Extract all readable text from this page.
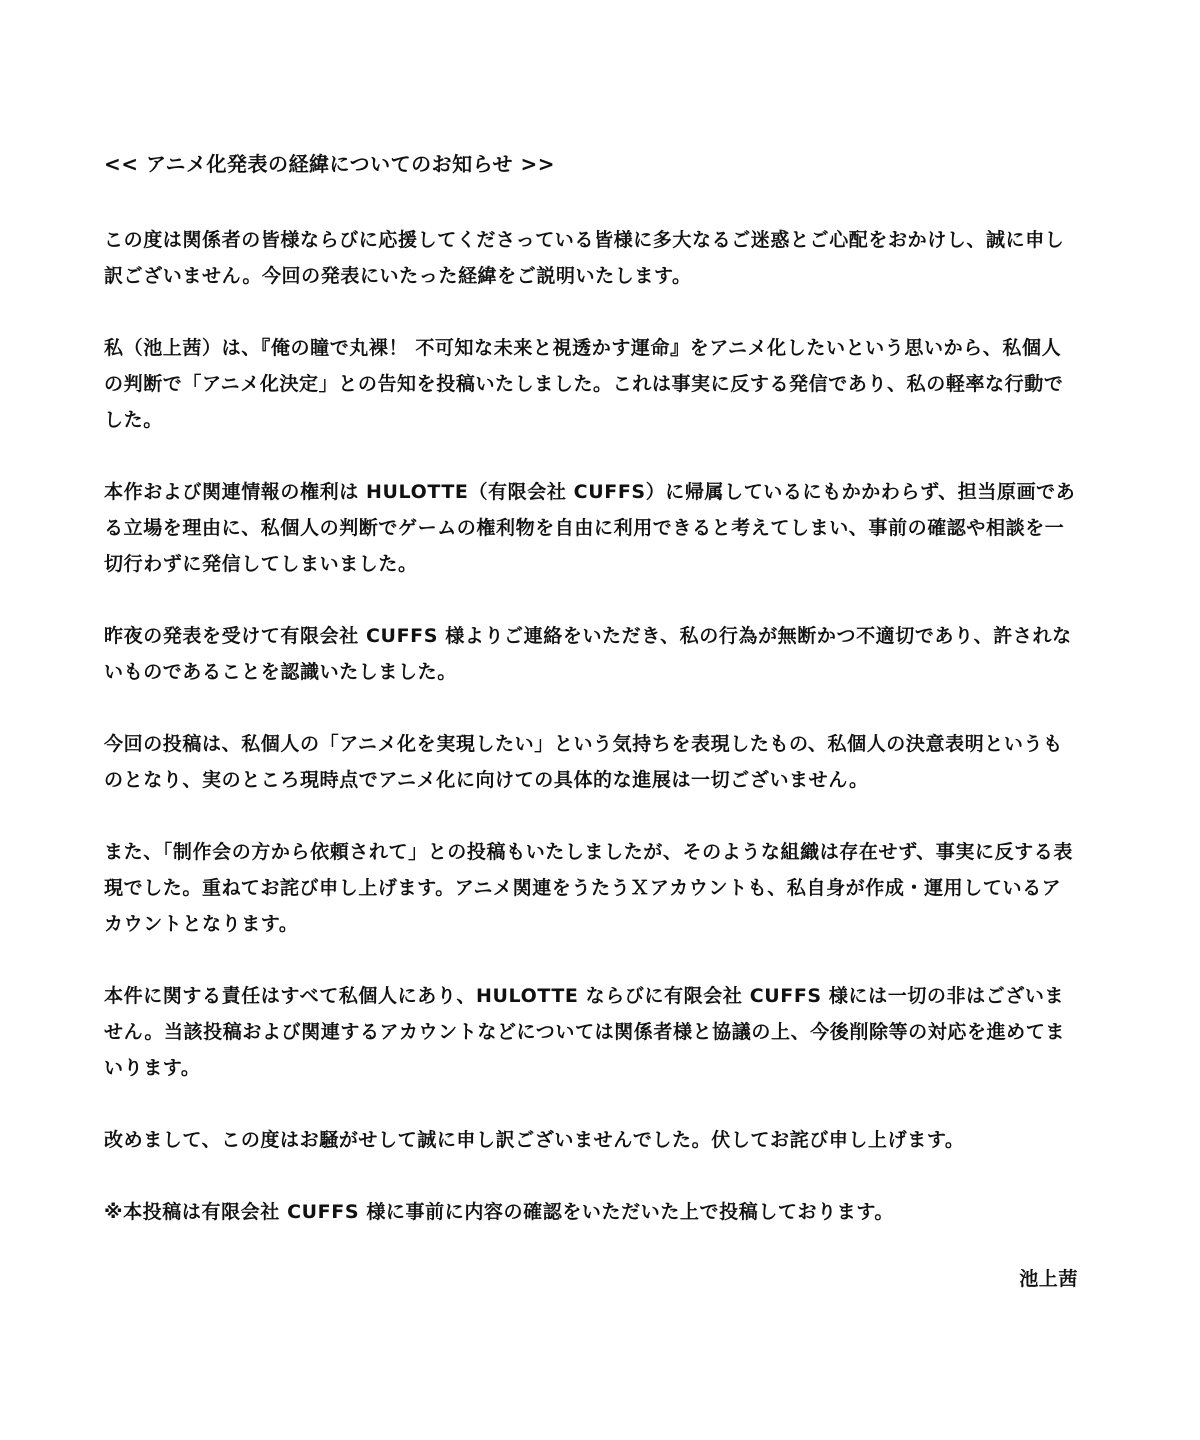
<< アニメ化発表の経緯についてのお知らせ >>

この度は関係者の皆様ならびに応援してくださっている皆様に多大なるご迷惑とご心配をおかけし、誠に申し訳ございません。今回の発表にいたった経緯をご説明いたします。

私（池上茜）は、『俺の瞳で丸裸！ 不可知な未来と視透かす運命』をアニメ化したいという思いから、私個人の判断で「アニメ化決定」との告知を投稿いたしました。これは事実に反する発信であり、私の軽率な行動でした。

本作および関連情報の権利は HULOTTE（有限会社 CUFFS）に帰属しているにもかかわらず、担当原画である立場を理由に、私個人の判断でゲームの権利物を自由に利用できると考えてしまい、事前の確認や相談を一切行わずに発信してしまいました。

昨夜の発表を受けて有限会社 CUFFS 様よりご連絡をいただき、私の行為が無断かつ不適切であり、許されないものであることを認識いたしました。

今回の投稿は、私個人の「アニメ化を実現したい」という気持ちを表現したもの、私個人の決意表明というものとなり、実のところ現時点でアニメ化に向けての具体的な進展は一切ございません。

また、「制作会の方から依頼されて」との投稿もいたしましたが、そのような組織は存在せず、事実に反する表現でした。重ねてお詫び申し上げます。アニメ関連をうたうＸアカウントも、私自身が作成・運用しているアカウントとなります。

本件に関する責任はすべて私個人にあり、HULOTTE ならびに有限会社 CUFFS 様には一切の非はございません。当該投稿および関連するアカウントなどについては関係者様と協議の上、今後削除等の対応を進めてまいります。

改めまして、この度はお騒がせして誠に申し訳ございませんでした。伏してお詫び申し上げます。

※本投稿は有限会社 CUFFS 様に事前に内容の確認をいただいた上で投稿しております。

池上茜
